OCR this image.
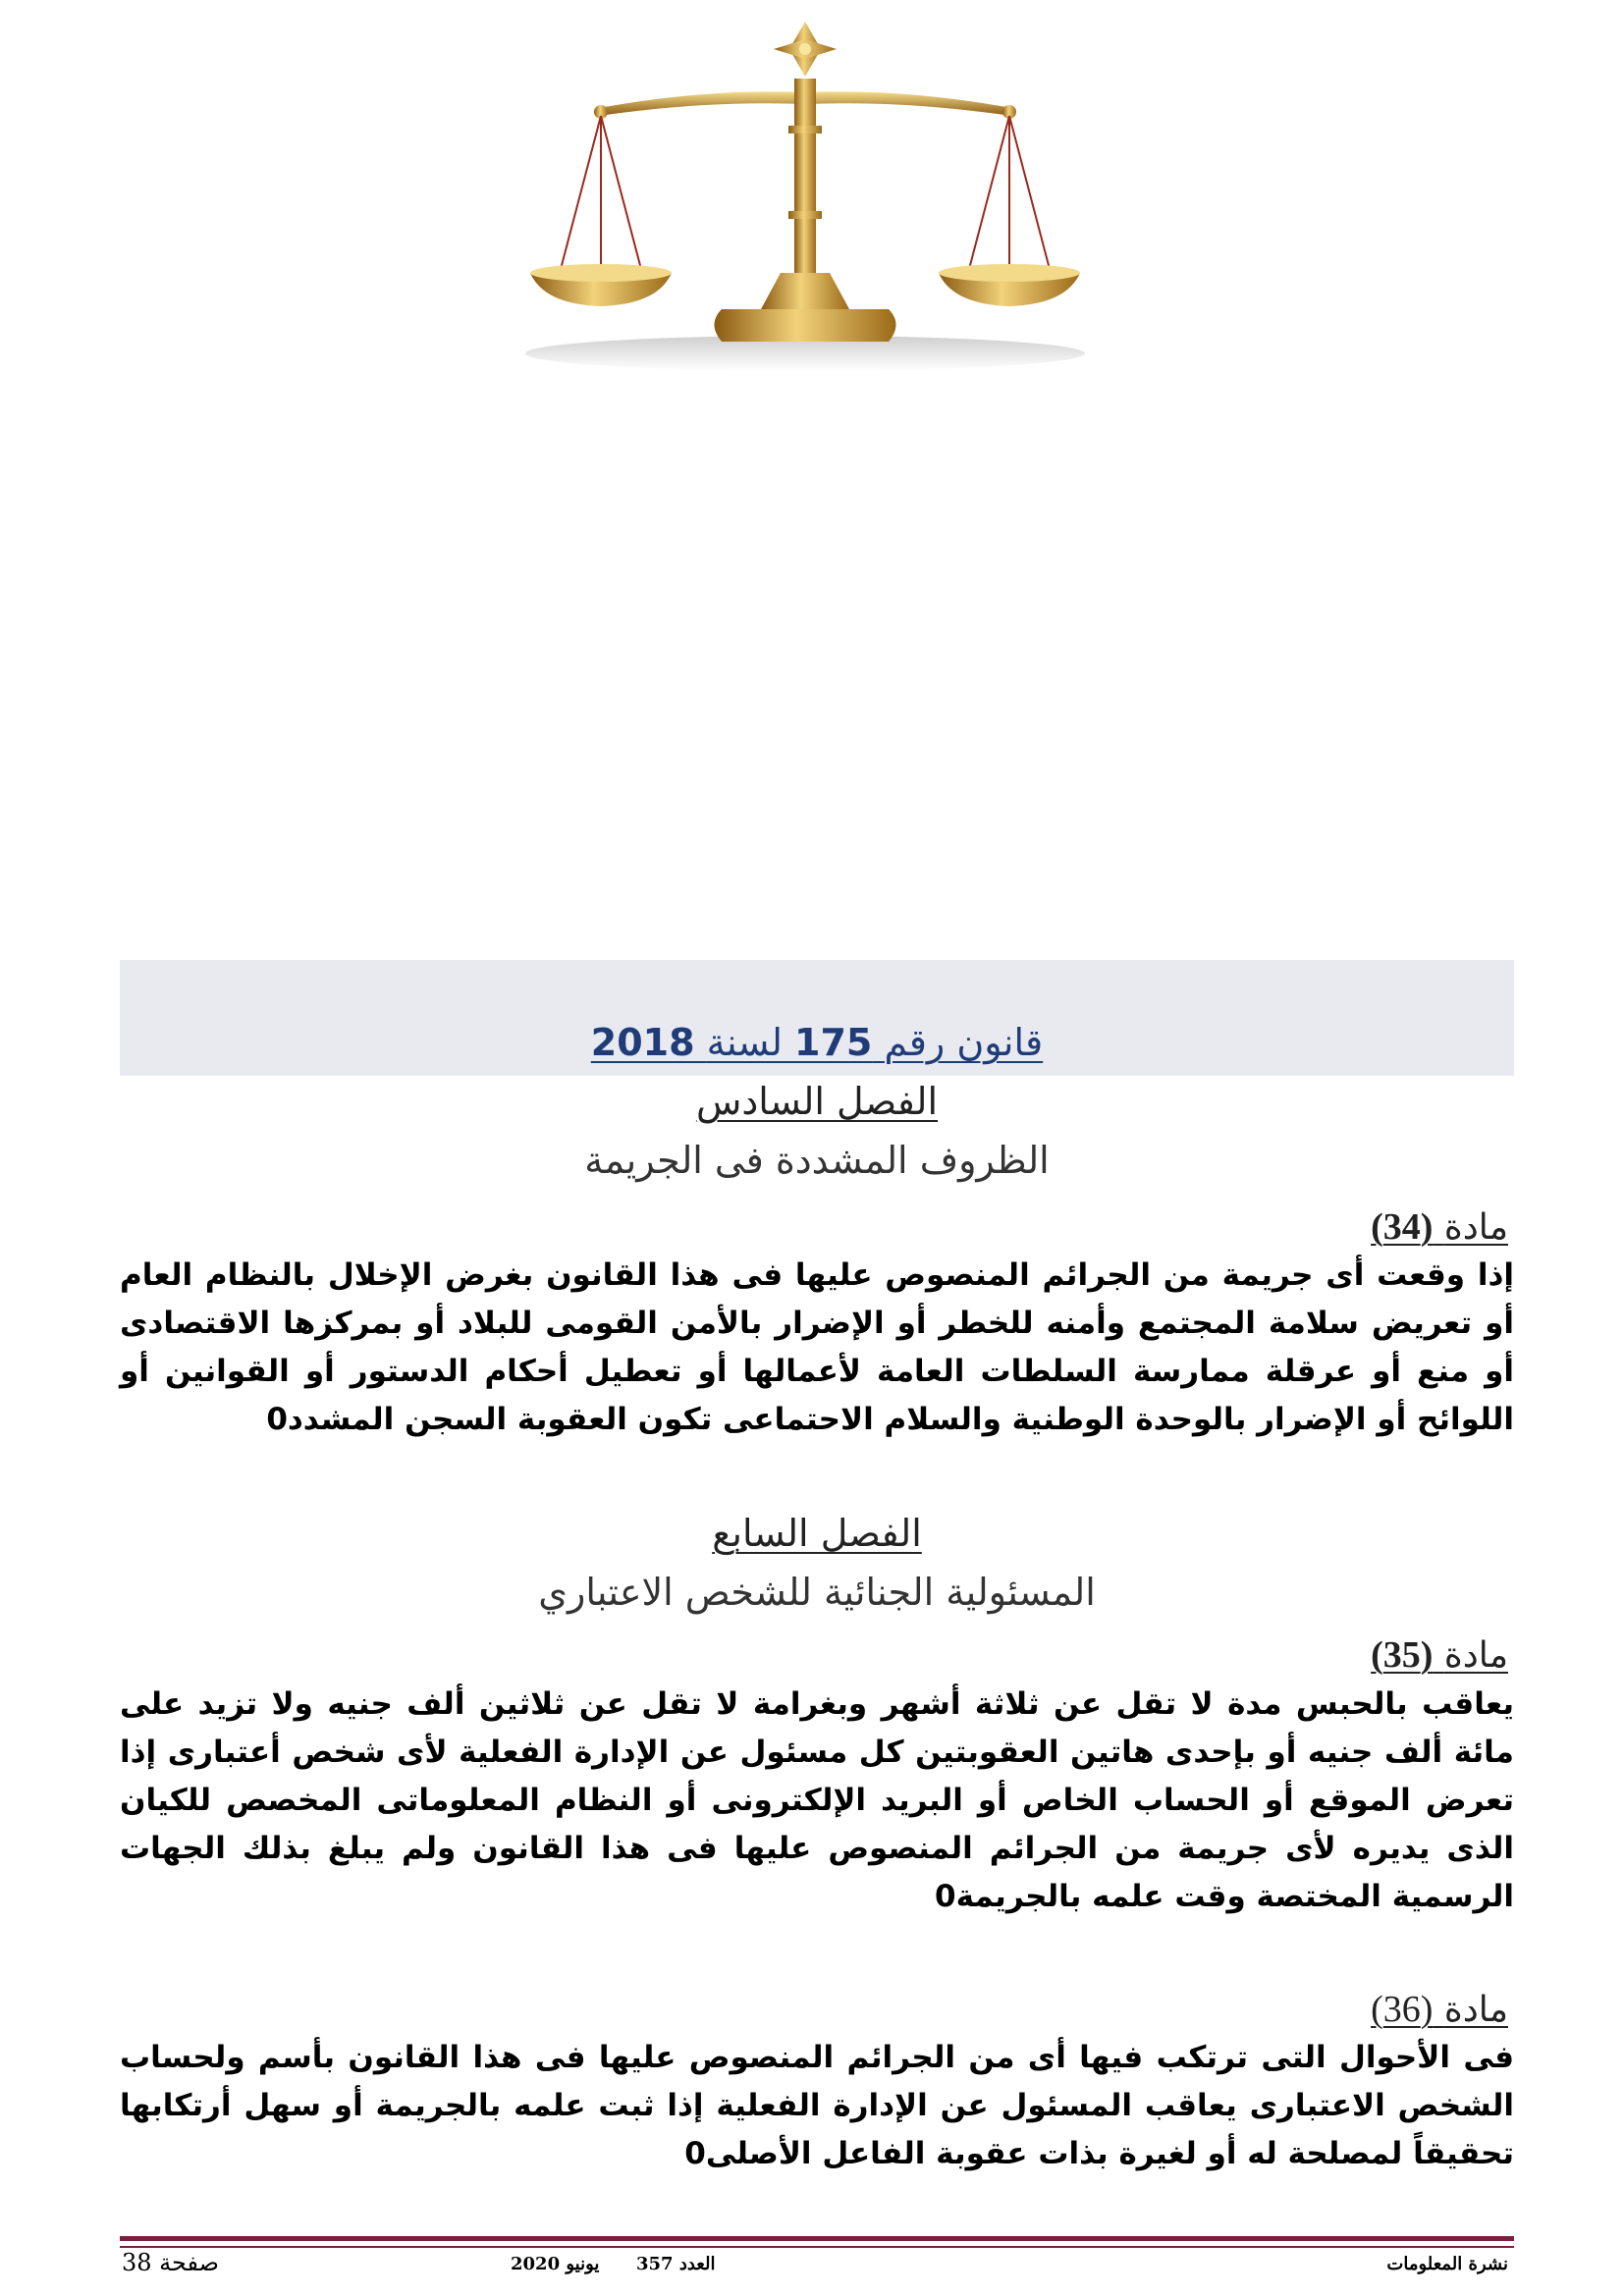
قانون رقم 175 لسنة 2018
الفصل السادس
الظروف المشددة فى الجريمة
مادة (34)
إذا وقعت أى جريمة من الجرائم المنصوص عليها فى هذا القانون بغرض الإخلال بالنظام العام أو تعريض سلامة المجتمع وأمنه للخطر أو الإضرار بالأمن القومى للبلاد أو بمركزها الاقتصادى أو منع أو عرقلة ممارسة السلطات العامة لأعمالها أو تعطيل أحكام الدستور أو القوانين أو اللوائح أو الإضرار بالوحدة الوطنية والسلام الاحتماعى تكون العقوبة السجن المشدد0
الفصل السابع
المسئولية الجنائية للشخص الاعتباري
مادة (35)
يعاقب بالحبس مدة لا تقل عن ثلاثة أشهر وبغرامة لا تقل عن ثلاثين ألف جنيه ولا تزيد على مائة ألف جنيه أو بإحدى هاتين العقوبتين كل مسئول عن الإدارة الفعلية لأى شخص أعتبارى إذا تعرض الموقع أو الحساب الخاص أو البريد الإلكترونى أو النظام المعلوماتى المخصص للكيان الذى يديره لأى جريمة من الجرائم المنصوص عليها فى هذا القانون ولم يبلغ بذلك الجهات الرسمية المختصة وقت علمه بالجريمة0
مادة (36)
فى الأحوال التى ترتكب فيها أى من الجرائم المنصوص عليها فى هذا القانون بأسم ولحساب الشخص الاعتبارى يعاقب المسئول عن الإدارة الفعلية إذا ثبت علمه بالجريمة أو سهل أرتكابها تحقيقاً لمصلحة له أو لغيرة بذات عقوبة الفاعل الأصلى0
نشرة المعلومات
يونيو 2020 العدد 357
صفحة 38
